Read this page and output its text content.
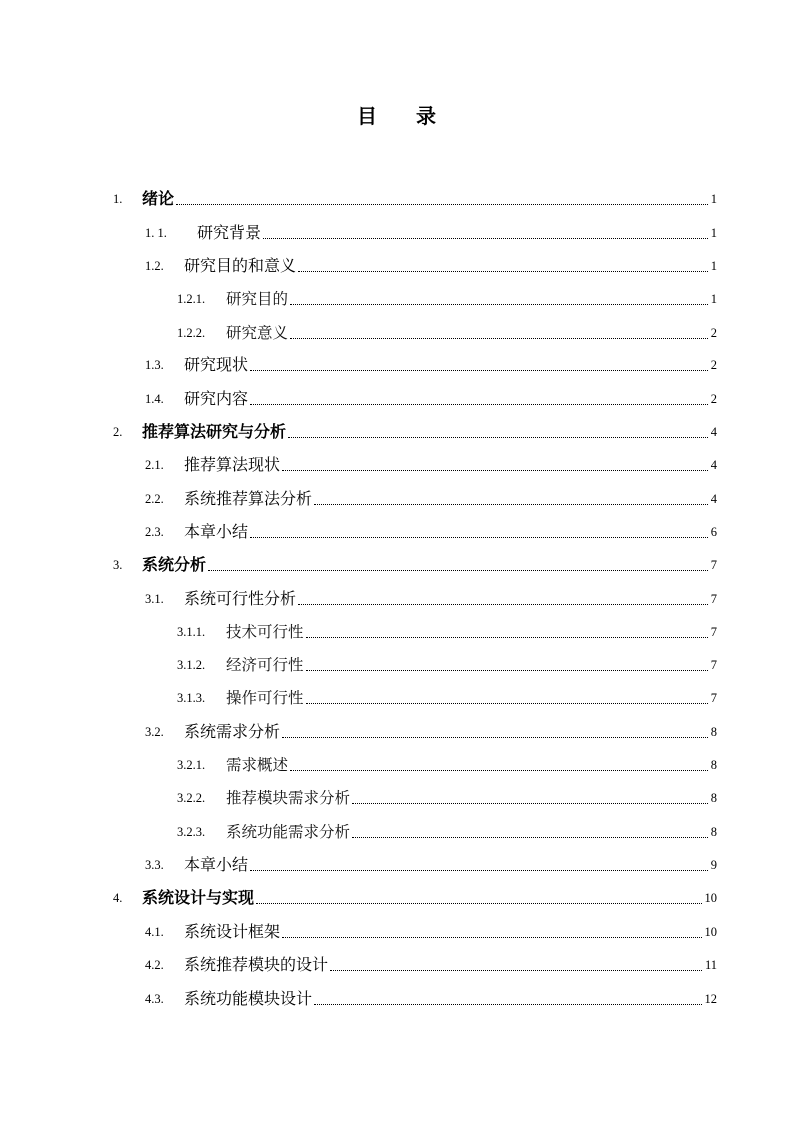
目 录
1.	绪论	1
1. 1.	研究背景	1
1.2.	研究目的和意义	1
1.2.1.	研究目的	1
1.2.2.	研究意义	2
1.3.	研究现状	2
1.4.	研究内容	2
2.	推荐算法研究与分析	4
2.1.	推荐算法现状	4
2.2.	系统推荐算法分析	4
2.3.	本章小结	6
3.	系统分析	7
3.1.	系统可行性分析	7
3.1.1.	技术可行性	7
3.1.2.	经济可行性	7
3.1.3.	操作可行性	7
3.2.	系统需求分析	8
3.2.1.	需求概述	8
3.2.2.	推荐模块需求分析	8
3.2.3.	系统功能需求分析	8
3.3.	本章小结	9
4.	系统设计与实现	10
4.1.	系统设计框架	10
4.2.	系统推荐模块的设计	11
4.3.	系统功能模块设计	12
